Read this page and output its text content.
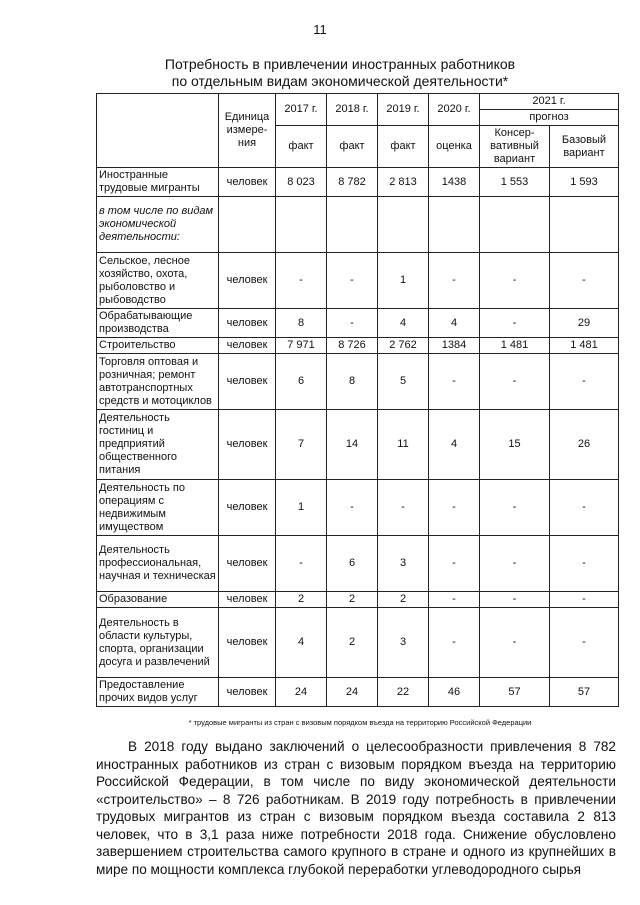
11
Потребность в привлечении иностранных работников
по отдельным видам экономической деятельности*
	Единица измере-ния	2017 г.	2018 г.	2019 г.	2020 г.	2021 г.	
						прогноз	
		факт	факт	факт	оценка	Консер-вативный вариант	Базовый вариант
Иностранные трудовые мигранты	человек	8 023	8 782	2 813	1438	1 553	1 593
в том числе по видам экономической деятельности:							
Сельское, лесное хозяйство, охота, рыболовство и рыбоводство	человек	-	-	1	-	-	-
Обрабатывающие производства	человек	8	-	4	4	-	29
Строительство	человек	7 971	8 726	2 762	1384	1 481	1 481
Торговля оптовая и розничная; ремонт автотранспортных средств и мотоциклов	человек	6	8	5	-	-	-
Деятельность гостиниц и предприятий общественного питания	человек	7	14	11	4	15	26
Деятельность по операциям с недвижимым имуществом	человек	1	-	-	-	-	-
Деятельность профессиональная, научная и техническая	человек	-	6	3	-	-	-
Образование	человек	2	2	2	-	-	-
Деятельность в области культуры, спорта, организации досуга и развлечений	человек	4	2	3	-	-	-
Предоставление прочих видов услуг	человек	24	24	22	46	57	57
* трудовые мигранты из стран с визовым порядком въезда на территорию Российской Федерации
В 2018 году выдано заключений о целесообразности привлечения 8 782 иностранных работников из стран с визовым порядком въезда на территорию Российской Федерации, в том числе по виду экономической деятельности «строительство» – 8 726 работникам. В 2019 году потребность в привлечении трудовых мигрантов из стран с визовым порядком въезда составила 2 813 человек, что в 3,1 раза ниже потребности 2018 года. Снижение обусловлено завершением строительства самого крупного в стране и одного из крупнейших в мире по мощности комплекса глубокой переработки углеводородного сырья
